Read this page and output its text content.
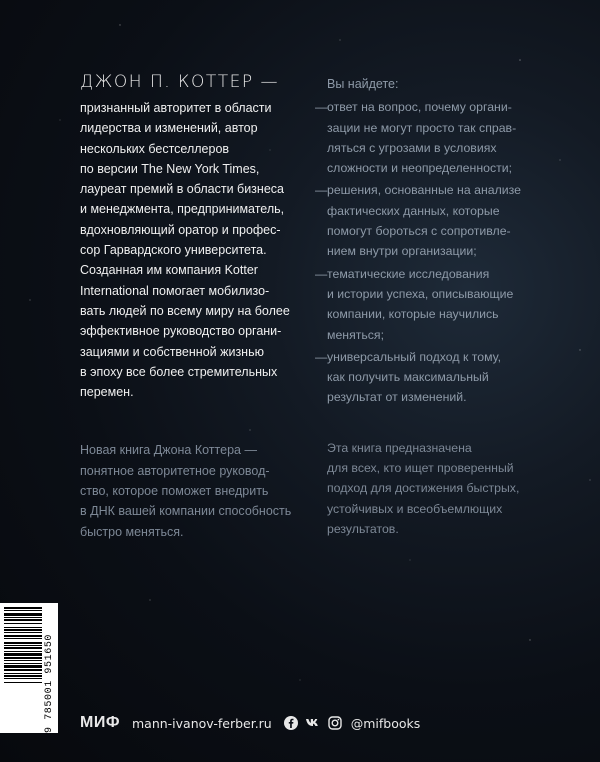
ДЖОН П. КОТТЕР —

признанный авторитет в области
лидерства и изменений, автор
нескольких бестселлеров
по версии The New York Times,
лауреат премий в области бизнеса
и менеджмента, предприниматель,
вдохновляющий оратор и профес-
сор Гарвардского университета.
Созданная им компания Kotter
International помогает мобилизо-
вать людей по всему миру на более
эффективное руководство органи-
зациями и собственной жизнью
в эпоху все более стремительных
перемен.

Новая книга Джона Коттера —
понятное авторитетное руковод-
ство, которое поможет внедрить
в ДНК вашей компании способность
быстро меняться.
Вы найдете:
— ответ на вопрос, почему органи-
зации не могут просто так справ-
ляться с угрозами в условиях
сложности и неопределенности;
— решения, основанные на анализе
фактических данных, которые
помогут бороться с сопротивле-
нием внутри организации;
— тематические исследования
и истории успеха, описывающие
компании, которые научились
меняться;
— универсальный подход к тому,
как получить максимальный
результат от изменений.
Эта книга предназначена
для всех, кто ищет проверенный
подход для достижения быстрых,
устойчивых и всеобъемлющих
результатов.
9 785001 951650 МИФ mann-ivanov-ferber.ru	@mifbooks
